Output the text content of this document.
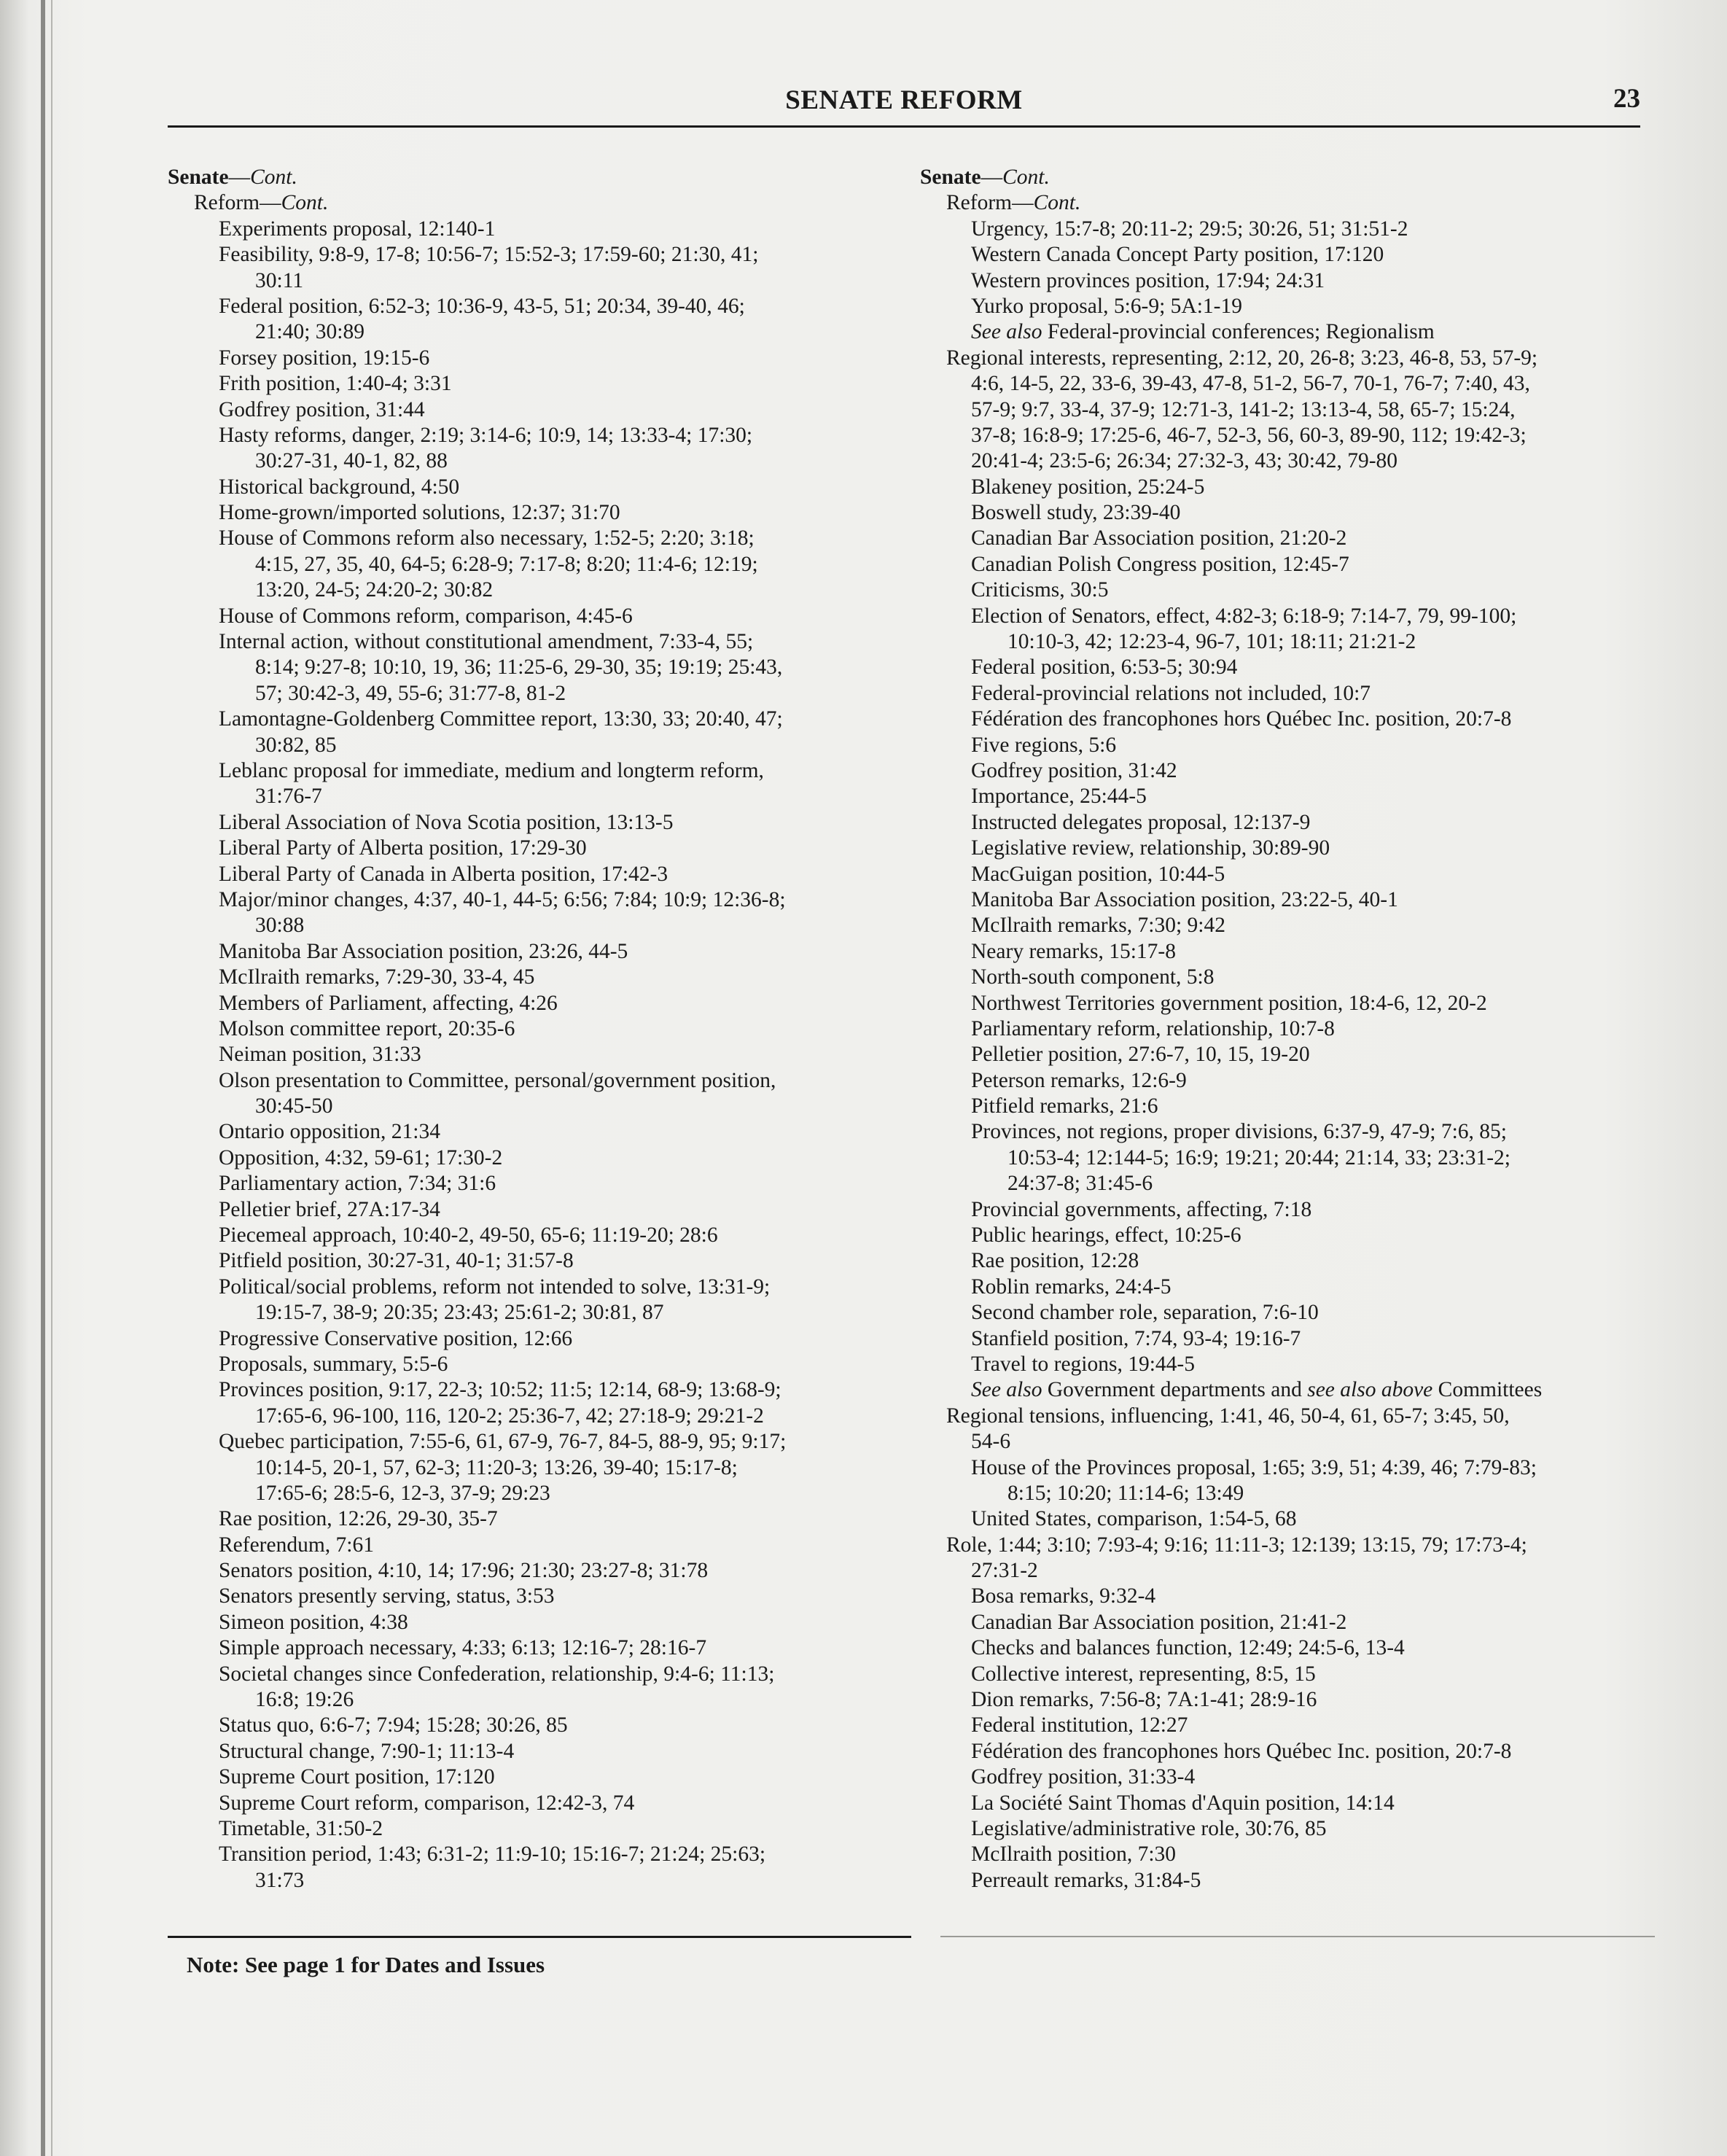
SENATE REFORM	23
Senate—Cont.
Reform—Cont.
Experiments proposal, 12:140-1
Feasibility, 9:8-9, 17-8; 10:56-7; 15:52-3; 17:59-60; 21:30, 41;
30:11
Federal position, 6:52-3; 10:36-9, 43-5, 51; 20:34, 39-40, 46;
21:40; 30:89
Forsey position, 19:15-6
Frith position, 1:40-4; 3:31
Godfrey position, 31:44
Hasty reforms, danger, 2:19; 3:14-6; 10:9, 14; 13:33-4; 17:30;
30:27-31, 40-1, 82, 88
Historical background, 4:50
Home-grown/imported solutions, 12:37; 31:70
House of Commons reform also necessary, 1:52-5; 2:20; 3:18;
4:15, 27, 35, 40, 64-5; 6:28-9; 7:17-8; 8:20; 11:4-6; 12:19;
13:20, 24-5; 24:20-2; 30:82
House of Commons reform, comparison, 4:45-6
Internal action, without constitutional amendment, 7:33-4, 55;
8:14; 9:27-8; 10:10, 19, 36; 11:25-6, 29-30, 35; 19:19; 25:43,
57; 30:42-3, 49, 55-6; 31:77-8, 81-2
Lamontagne-Goldenberg Committee report, 13:30, 33; 20:40, 47;
30:82, 85
Leblanc proposal for immediate, medium and longterm reform,
31:76-7
Liberal Association of Nova Scotia position, 13:13-5
Liberal Party of Alberta position, 17:29-30
Liberal Party of Canada in Alberta position, 17:42-3
Major/minor changes, 4:37, 40-1, 44-5; 6:56; 7:84; 10:9; 12:36-8;
30:88
Manitoba Bar Association position, 23:26, 44-5
McIlraith remarks, 7:29-30, 33-4, 45
Members of Parliament, affecting, 4:26
Molson committee report, 20:35-6
Neiman position, 31:33
Olson presentation to Committee, personal/government position,
30:45-50
Ontario opposition, 21:34
Opposition, 4:32, 59-61; 17:30-2
Parliamentary action, 7:34; 31:6
Pelletier brief, 27A:17-34
Piecemeal approach, 10:40-2, 49-50, 65-6; 11:19-20; 28:6
Pitfield position, 30:27-31, 40-1; 31:57-8
Political/social problems, reform not intended to solve, 13:31-9;
19:15-7, 38-9; 20:35; 23:43; 25:61-2; 30:81, 87
Progressive Conservative position, 12:66
Proposals, summary, 5:5-6
Provinces position, 9:17, 22-3; 10:52; 11:5; 12:14, 68-9; 13:68-9;
17:65-6, 96-100, 116, 120-2; 25:36-7, 42; 27:18-9; 29:21-2
Quebec participation, 7:55-6, 61, 67-9, 76-7, 84-5, 88-9, 95; 9:17;
10:14-5, 20-1, 57, 62-3; 11:20-3; 13:26, 39-40; 15:17-8;
17:65-6; 28:5-6, 12-3, 37-9; 29:23
Rae position, 12:26, 29-30, 35-7
Referendum, 7:61
Senators position, 4:10, 14; 17:96; 21:30; 23:27-8; 31:78
Senators presently serving, status, 3:53
Simeon position, 4:38
Simple approach necessary, 4:33; 6:13; 12:16-7; 28:16-7
Societal changes since Confederation, relationship, 9:4-6; 11:13;
16:8; 19:26
Status quo, 6:6-7; 7:94; 15:28; 30:26, 85
Structural change, 7:90-1; 11:13-4
Supreme Court position, 17:120
Supreme Court reform, comparison, 12:42-3, 74
Timetable, 31:50-2
Transition period, 1:43; 6:31-2; 11:9-10; 15:16-7; 21:24; 25:63;
31:73
Senate—Cont.
Reform—Cont.
Urgency, 15:7-8; 20:11-2; 29:5; 30:26, 51; 31:51-2
Western Canada Concept Party position, 17:120
Western provinces position, 17:94; 24:31
Yurko proposal, 5:6-9; 5A:1-19
See also Federal-provincial conferences; Regionalism
Regional interests, representing, 2:12, 20, 26-8; 3:23, 46-8, 53, 57-9;
4:6, 14-5, 22, 33-6, 39-43, 47-8, 51-2, 56-7, 70-1, 76-7; 7:40, 43,
57-9; 9:7, 33-4, 37-9; 12:71-3, 141-2; 13:13-4, 58, 65-7; 15:24,
37-8; 16:8-9; 17:25-6, 46-7, 52-3, 56, 60-3, 89-90, 112; 19:42-3;
20:41-4; 23:5-6; 26:34; 27:32-3, 43; 30:42, 79-80
Blakeney position, 25:24-5
Boswell study, 23:39-40
Canadian Bar Association position, 21:20-2
Canadian Polish Congress position, 12:45-7
Criticisms, 30:5
Election of Senators, effect, 4:82-3; 6:18-9; 7:14-7, 79, 99-100;
10:10-3, 42; 12:23-4, 96-7, 101; 18:11; 21:21-2
Federal position, 6:53-5; 30:94
Federal-provincial relations not included, 10:7
Fédération des francophones hors Québec Inc. position, 20:7-8
Five regions, 5:6
Godfrey position, 31:42
Importance, 25:44-5
Instructed delegates proposal, 12:137-9
Legislative review, relationship, 30:89-90
MacGuigan position, 10:44-5
Manitoba Bar Association position, 23:22-5, 40-1
McIlraith remarks, 7:30; 9:42
Neary remarks, 15:17-8
North-south component, 5:8
Northwest Territories government position, 18:4-6, 12, 20-2
Parliamentary reform, relationship, 10:7-8
Pelletier position, 27:6-7, 10, 15, 19-20
Peterson remarks, 12:6-9
Pitfield remarks, 21:6
Provinces, not regions, proper divisions, 6:37-9, 47-9; 7:6, 85;
10:53-4; 12:144-5; 16:9; 19:21; 20:44; 21:14, 33; 23:31-2;
24:37-8; 31:45-6
Provincial governments, affecting, 7:18
Public hearings, effect, 10:25-6
Rae position, 12:28
Roblin remarks, 24:4-5
Second chamber role, separation, 7:6-10
Stanfield position, 7:74, 93-4; 19:16-7
Travel to regions, 19:44-5
See also Government departments and see also above Committees
Regional tensions, influencing, 1:41, 46, 50-4, 61, 65-7; 3:45, 50,
54-6
House of the Provinces proposal, 1:65; 3:9, 51; 4:39, 46; 7:79-83;
8:15; 10:20; 11:14-6; 13:49
United States, comparison, 1:54-5, 68
Role, 1:44; 3:10; 7:93-4; 9:16; 11:11-3; 12:139; 13:15, 79; 17:73-4;
27:31-2
Bosa remarks, 9:32-4
Canadian Bar Association position, 21:41-2
Checks and balances function, 12:49; 24:5-6, 13-4
Collective interest, representing, 8:5, 15
Dion remarks, 7:56-8; 7A:1-41; 28:9-16
Federal institution, 12:27
Fédération des francophones hors Québec Inc. position, 20:7-8
Godfrey position, 31:33-4
La Société Saint Thomas d'Aquin position, 14:14
Legislative/administrative role, 30:76, 85
McIlraith position, 7:30
Perreault remarks, 31:84-5
Note: See page 1 for Dates and Issues
